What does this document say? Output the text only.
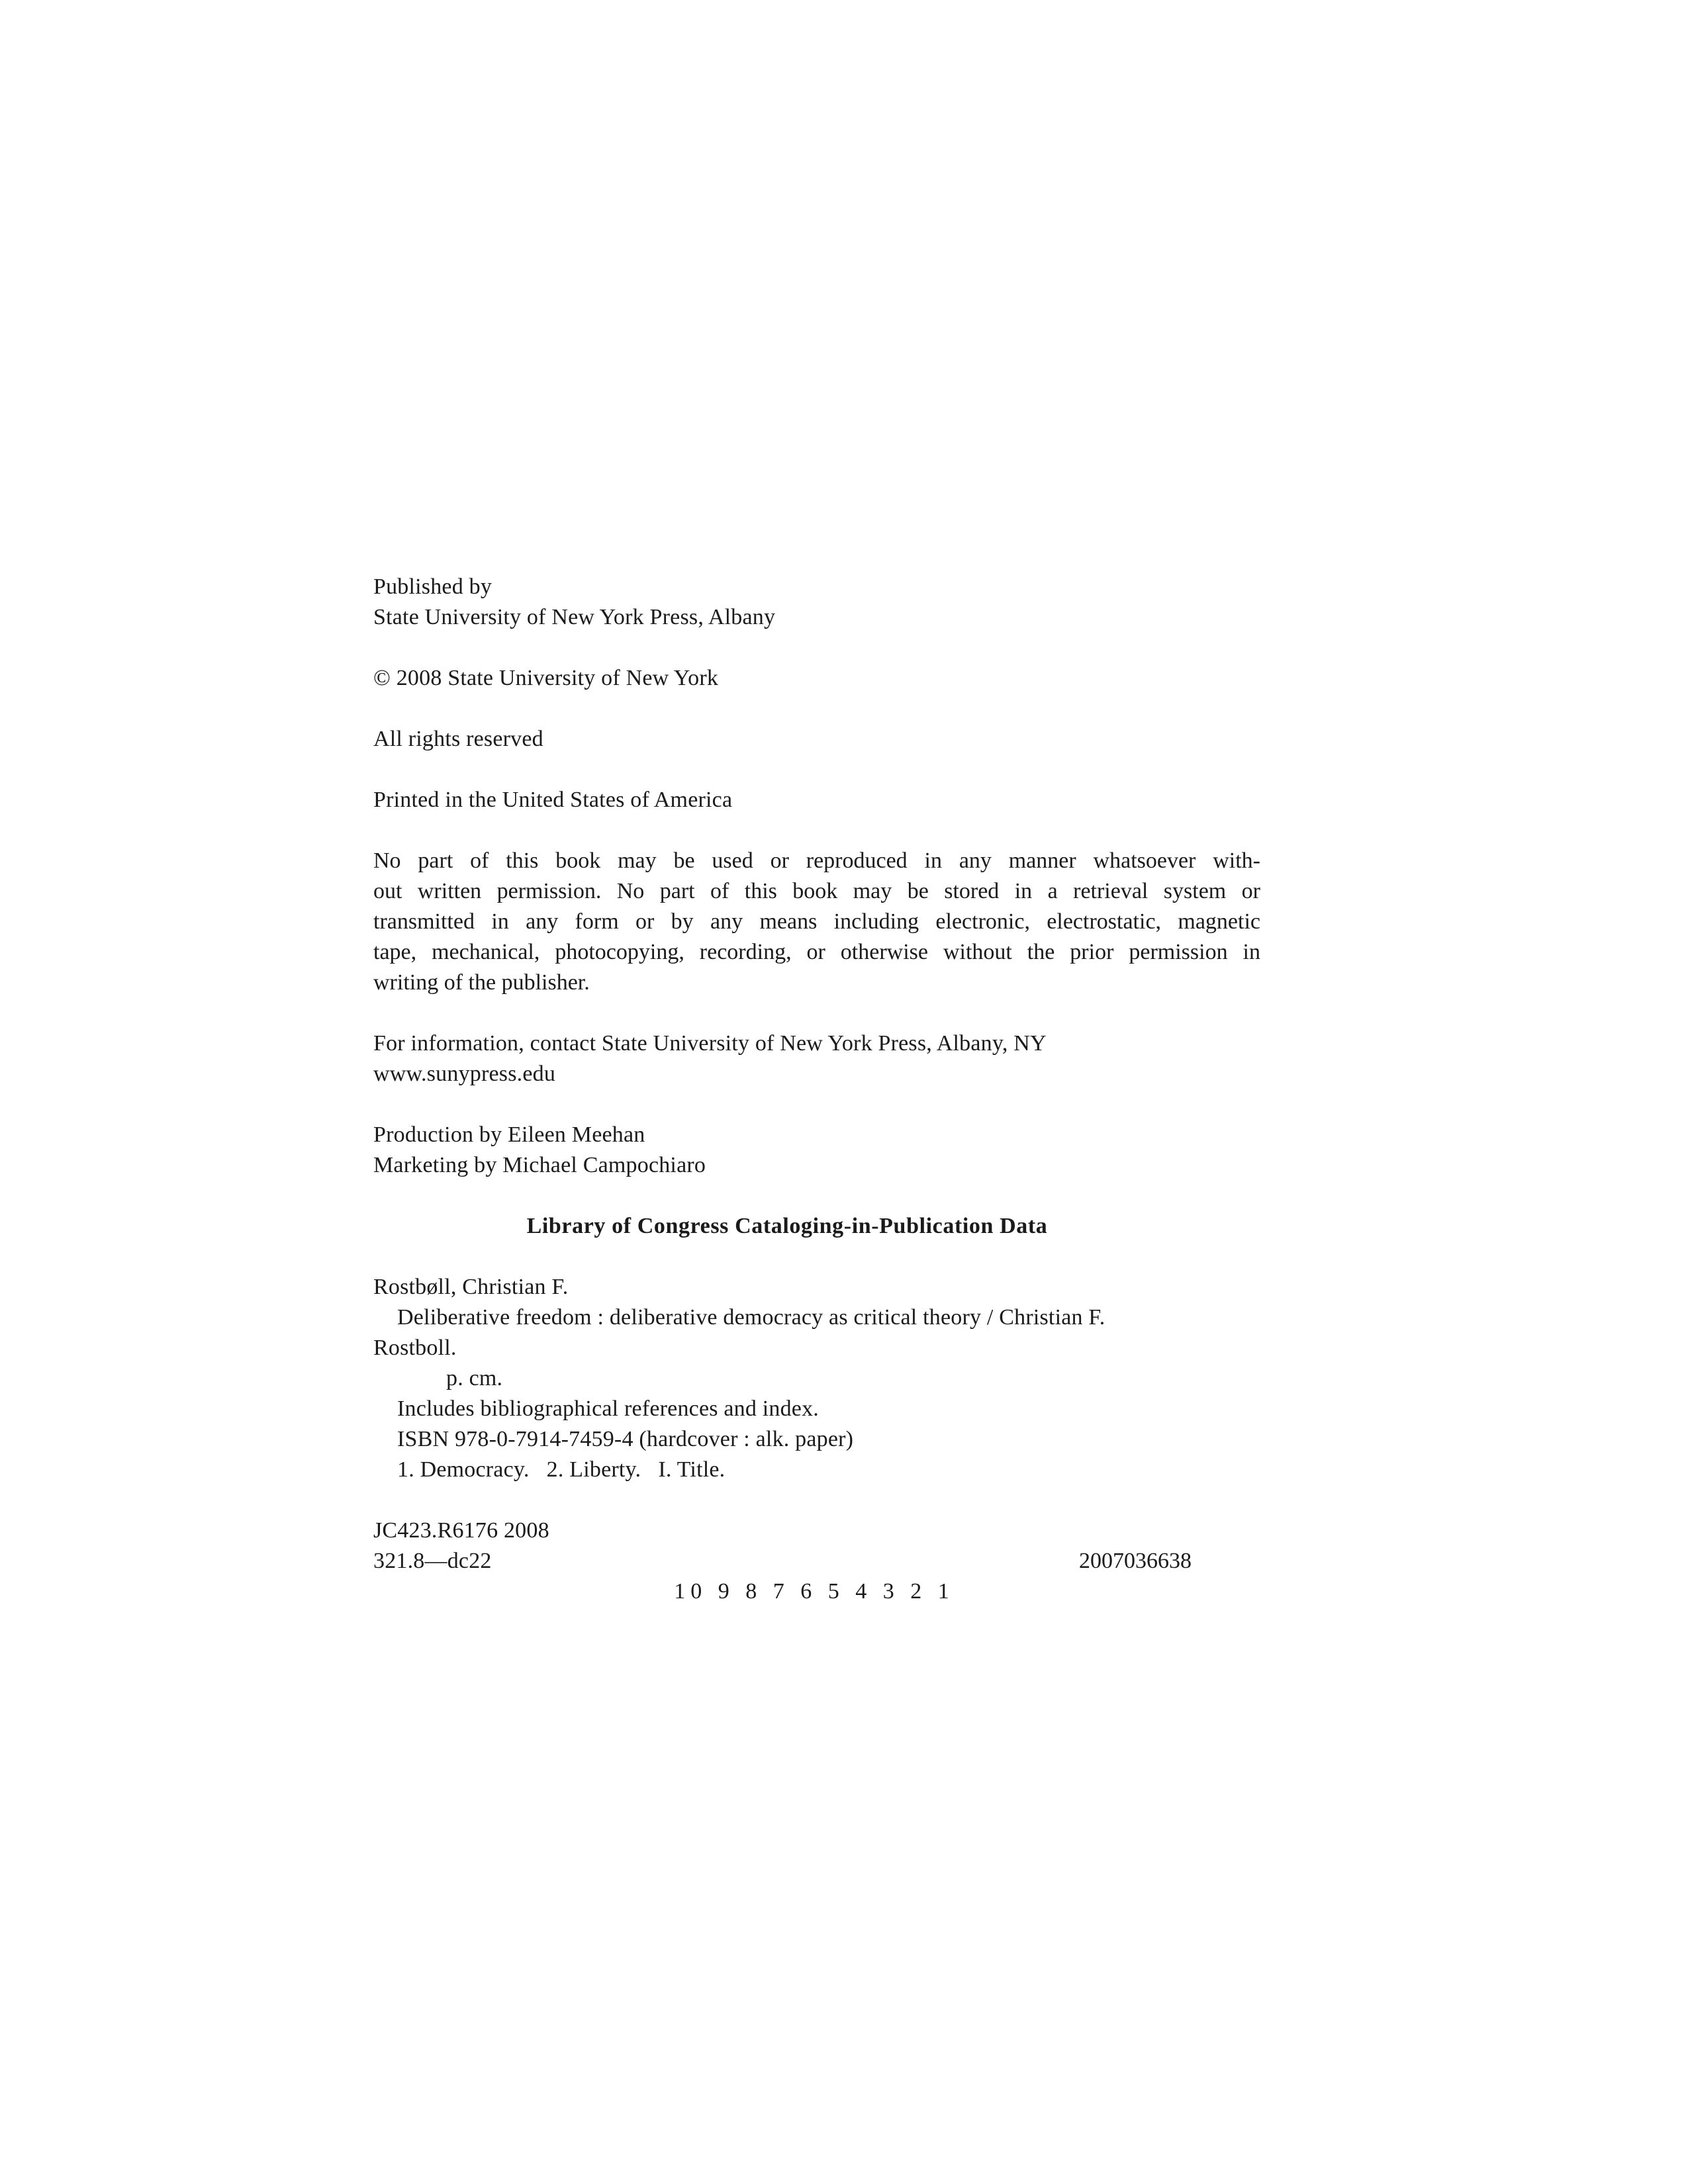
Published by
State University of New York Press, Albany
© 2008 State University of New York
All rights reserved
Printed in the United States of America
No part of this book may be used or reproduced in any manner whatsoever with-
out written permission. No part of this book may be stored in a retrieval system or
transmitted in any form or by any means including electronic, electrostatic, magnetic
tape, mechanical, photocopying, recording, or otherwise without the prior permission in
writing of the publisher.
For information, contact State University of New York Press, Albany, NY
www.sunypress.edu
Production by Eileen Meehan
Marketing by Michael Campochiaro
Library of Congress Cataloging-in-Publication Data
Rostbøll, Christian F.
Deliberative freedom : deliberative democracy as critical theory / Christian F.
Rostboll.
p. cm.
Includes bibliographical references and index.
ISBN 978-0-7914-7459-4 (hardcover : alk. paper)
1. Democracy.   2. Liberty.   I. Title.
JC423.R6176 2008
321.8—dc22	2007036638
10 9 8 7 6 5 4 3 2 1
